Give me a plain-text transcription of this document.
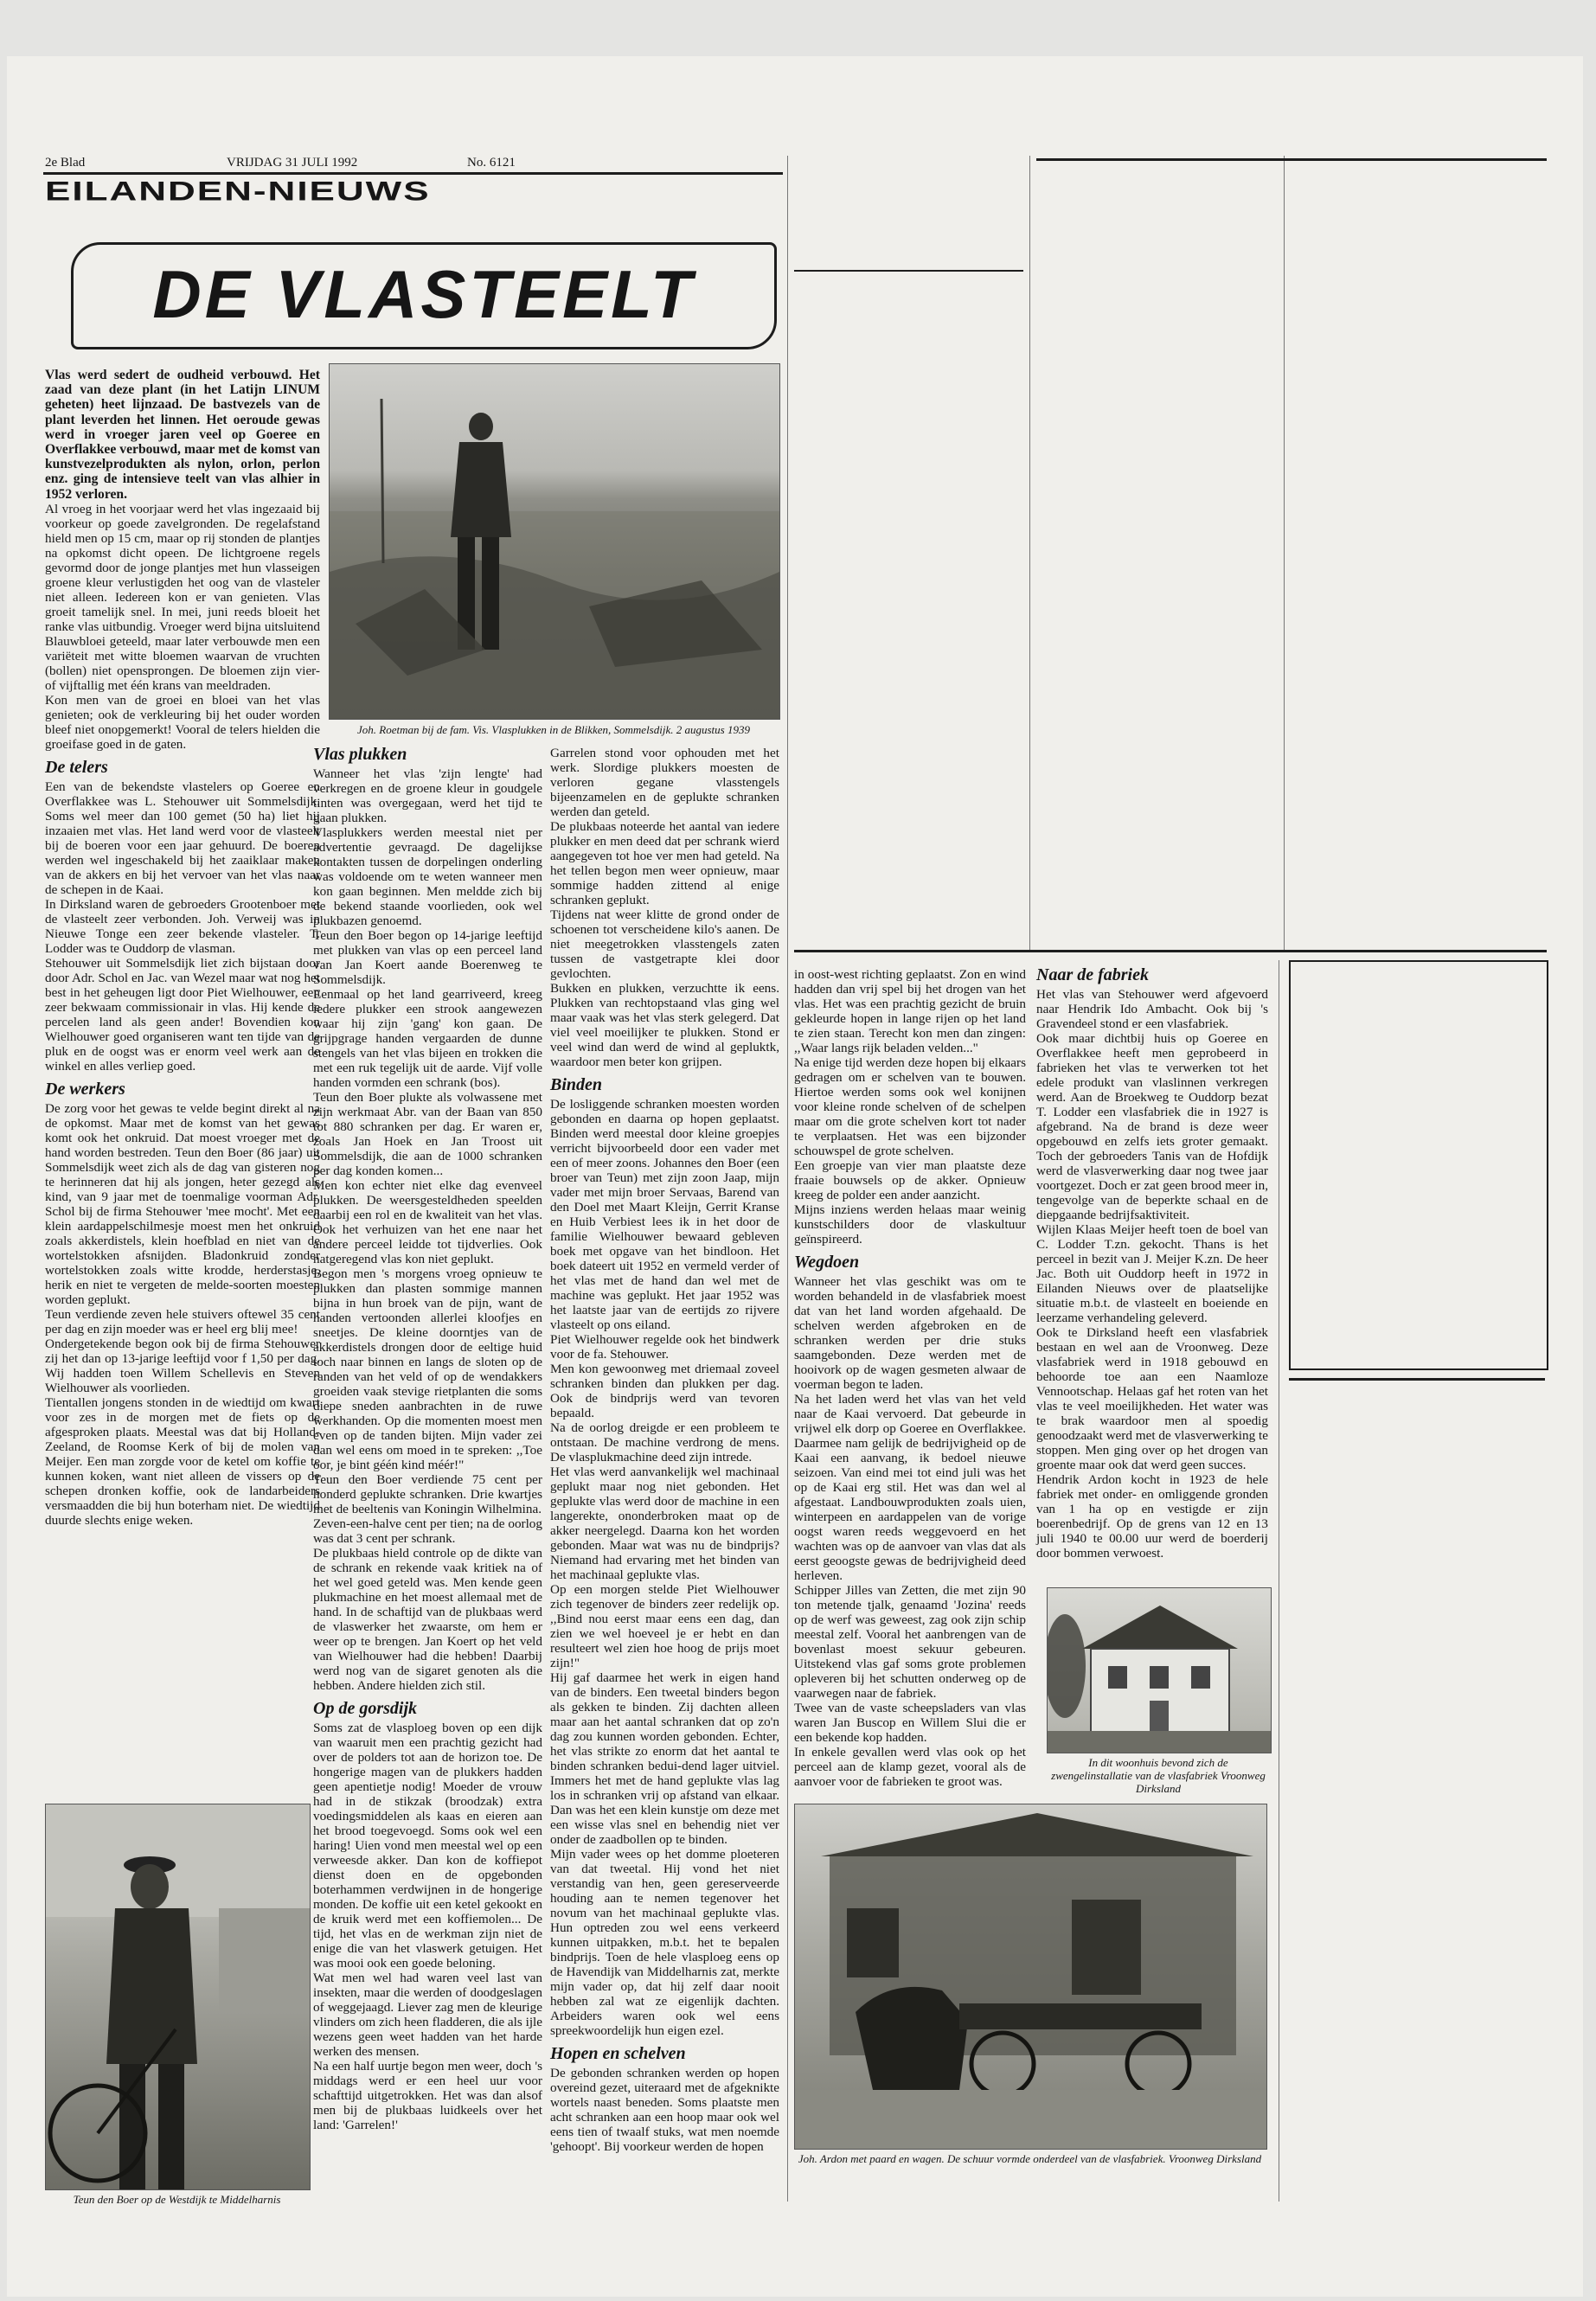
2e Blad	VRIJDAG 31 JULI 1992	No. 6121
EILANDEN-NIEUWS
DE VLASTEELT

Vlas werd sedert de oudheid verbouwd. Het zaad van deze plant (in het Latijn LINUM geheten) heet lijnzaad. De bastvezels van de plant leverden het linnen. Het oeroude gewas werd in vroeger jaren veel op Goeree en Overflakkee verbouwd, maar met de komst van kunstvezelprodukten als nylon, orlon, perlon enz. ging de intensieve teelt van vlas alhier in 1952 verloren.

Al vroeg in het voorjaar werd het vlas ingezaaid bij voorkeur op goede zavelgronden. De regelafstand hield men op 15 cm, maar op rij stonden de plantjes na opkomst dicht opeen. De lichtgroene regels gevormd door de jonge plantjes met hun vlasseigen groene kleur verlustigden het oog van de vlasteler niet alleen. Iedereen kon er van genieten. Vlas groeit tamelijk snel. In mei, juni reeds bloeit het ranke vlas uitbundig. Vroeger werd bijna uitsluitend Blauwbloei geteeld, maar later verbouwde men een variëteit met witte bloemen waarvan de vruchten (bollen) niet opensprongen. De bloemen zijn vier- of vijftallig met één krans van meeldraden.

Kon men van de groei en bloei van het vlas genieten; ook de verkleuring bij het ouder worden bleef niet onopgemerkt! Vooral de telers hielden die groeifase goed in de gaten.

De telers

Een van de bekendste vlastelers op Goeree en Overflakkee was L. Stehouwer uit Sommelsdijk. Soms wel meer dan 100 gemet (50 ha) liet hij inzaaien met vlas. Het land werd voor de vlasteelt bij de boeren voor een jaar gehuurd. De boeren werden wel ingeschakeld bij het zaaiklaar maken van de akkers en bij het vervoer van het vlas naar de schepen in de Kaai.

In Dirksland waren de gebroeders Grootenboer met de vlasteelt zeer verbonden. Joh. Verweij was in Nieuwe Tonge een zeer bekende vlasteler. T. Lodder was te Ouddorp de vlasman.

Stehouwer uit Sommelsdijk liet zich bijstaan door door Adr. Schol en Jac. van Wezel maar wat nog het best in het geheugen ligt door Piet Wielhouwer, een zeer bekwaam commissionair in vlas. Hij kende de percelen land als geen ander! Bovendien kon Wielhouwer goed organiseren want ten tijde van de pluk en de oogst was er enorm veel werk aan de winkel en alles verliep goed.

De werkers

De zorg voor het gewas te velde begint direkt al na de opkomst. Maar met de komst van het gewas komt ook het onkruid. Dat moest vroeger met de hand worden bestreden. Teun den Boer (86 jaar) uit Sommelsdijk weet zich als de dag van gisteren nog te herinneren dat hij als jongen, heter gezegd als kind, van 9 jaar met de toenmalige voorman Adr. Schol bij de firma Stehouwer 'mee mocht'. Met een klein aardappelschilmesje moest men het onkruid zoals akkerdistels, klein hoefblad en niet van de wortelstokken afsnijden. Bladonkruid zonder wortelstokken zoals witte krodde, herderstasje, herik en niet te vergeten de melde-soorten moesten worden geplukt.

Teun verdiende zeven hele stuivers oftewel 35 cent per dag en zijn moeder was er heel erg blij mee!

Ondergetekende begon ook bij de firma Stehouwer zij het dan op 13-jarige leeftijd voor f 1,50 per dag. Wij hadden toen Willem Schellevis en Steven Wielhouwer als voorlieden.

Tientallen jongens stonden in de wiedtijd om kwart voor zes in de morgen met de fiets op de afgesproken plaats. Meestal was dat bij Holland-Zeeland, de Roomse Kerk of bij de molen van Meijer. Een man zorgde voor de ketel om koffie te kunnen koken, want niet alleen de vissers op de schepen dronken koffie, ook de landarbeiders versmaadden die bij hun boterham niet. De wiedtijd duurde slechts enige weken.

Joh. Roetman bij de fam. Vis. Vlasplukken in de Blikken, Sommelsdijk. 2 augustus 1939
Vlas plukken

Wanneer het vlas 'zijn lengte' had verkregen en de groene kleur in goudgele tinten was overgegaan, werd het tijd te gaan plukken.

Vlasplukkers werden meestal niet per advertentie gevraagd. De dagelijkse kontakten tussen de dorpelingen onderling was voldoende om te weten wanneer men kon gaan beginnen. Men meldde zich bij de bekend staande voorlieden, ook wel plukbazen genoemd.

Teun den Boer begon op 14-jarige leeftijd met plukken van vlas op een perceel land van Jan Koert aande Boerenweg te Sommelsdijk.

Eenmaal op het land gearriveerd, kreeg iedere plukker een strook aangewezen waar hij zijn 'gang' kon gaan. De grijpgrage handen vergaarden de dunne stengels van het vlas bijeen en trokken die met een ruk tegelijk uit de aarde. Vijf volle handen vormden een schrank (bos).

Teun den Boer plukte als volwassene met zijn werkmaat Abr. van der Baan van 850 tot 880 schranken per dag. Er waren er, zoals Jan Hoek en Jan Troost uit Sommelsdijk, die aan de 1000 schranken per dag konden komen...

Men kon echter niet elke dag evenveel plukken. De weersgesteldheden speelden daarbij een rol en de kwaliteit van het vlas. Ook het verhuizen van het ene naar het andere perceel leidde tot tijdverlies. Ook natgeregend vlas kon niet geplukt.

Begon men 's morgens vroeg opnieuw te plukken dan plasten sommige mannen bijna in hun broek van de pijn, want de handen vertoonden allerlei kloofjes en sneetjes. De kleine doorntjes van de akkerdistels drongen door de eeltige huid toch naar binnen en langs de sloten op de randen van het veld of op de wendakkers groeiden vaak stevige rietplanten die soms diepe sneden aanbrachten in de ruwe werkhanden. Op die momenten moest men even op de tanden bijten. Mijn vader zei dan wel eens om moed in te spreken: ,,Toe oor, je bint géén kind méér!"

Teun den Boer verdiende 75 cent per honderd geplukte schranken. Drie kwartjes met de beeltenis van Koningin Wilhelmina.

Zeven-een-halve cent per tien; na de oorlog was dat 3 cent per schrank.

De plukbaas hield controle op de dikte van de schrank en rekende vaak kritiek na of het wel goed geteld was. Men kende geen plukmachine en het moest allemaal met de hand. In de schaftijd van de plukbaas werd de vlaswerker het zwaarste, om hem er weer op te brengen. Jan Koert op het veld van Wielhouwer had die hebben! Daarbij werd nog van de sigaret genoten als die hebben. Andere hielden zich stil.

Op de gorsdijk

Soms zat de vlasploeg boven op een dijk van waaruit men een prachtig gezicht had over de polders tot aan de horizon toe. De hongerige magen van de plukkers hadden geen apentietje nodig! Moeder de vrouw had in de stikzak (broodzak) extra voedingsmiddelen als kaas en eieren aan het brood toegevoegd. Soms ook wel een haring! Uien vond men meestal wel op een verweesde akker. Dan kon de koffiepot dienst doen en de opgebonden boterhammen verdwijnen in de hongerige monden. De koffie uit een ketel gekookt en de kruik werd met een koffiemolen... De tijd, het vlas en de werkman zijn niet de enige die van het vlaswerk getuigen. Het was mooi ook een goede beloning.

Wat men wel had waren veel last van insekten, maar die werden of doodgeslagen of weggejaagd. Liever zag men de kleurige vlinders om zich heen fladderen, die als ijle wezens geen weet hadden van het harde werken des mensen.

Na een half uurtje begon men weer, doch 's middags werd er een heel uur voor schafttijd uitgetrokken. Het was dan alsof men bij de plukbaas luidkeels over het land: 'Garrelen!'

Garrelen stond voor ophouden met het werk. Slordige plukkers moesten de verloren gegane vlasstengels bijeenzamelen en de geplukte schranken werden dan geteld.

De plukbaas noteerde het aantal van iedere plukker en men deed dat per schrank wierd aangegeven tot hoe ver men had geteld. Na het tellen begon men weer opnieuw, maar sommige hadden zittend al enige schranken geplukt.

Tijdens nat weer klitte de grond onder de schoenen tot verscheidene kilo's aanen. De niet meegetrokken vlasstengels zaten tussen de vastgetrapte klei door gevlochten.

Bukken en plukken, verzuchtte ik eens. Plukken van rechtopstaand vlas ging wel maar vaak was het vlas sterk gelegerd. Dat viel veel moeilijker te plukken. Stond er veel wind dan werd de wind al gepluktk, waardoor men beter kon grijpen.

Binden

De losliggende schranken moesten worden gebonden en daarna op hopen geplaatst. Binden werd meestal door kleine groepjes verricht bijvoorbeeld door een vader met een of meer zoons. Johannes den Boer (een broer van Teun) met zijn zoon Jaap, mijn vader met mijn broer Servaas, Barend van den Doel met Maart Kleijn, Gerrit Kranse en Huib Verbiest lees ik in het door de familie Wielhouwer bewaard gebleven boek met opgave van het bindloon. Het boek dateert uit 1952 en vermeld verder of het vlas met de hand dan wel met de machine was geplukt. Het jaar 1952 was het laatste jaar van de eertijds zo rijvere vlasteelt op ons eiland.

Piet Wielhouwer regelde ook het bindwerk voor de fa. Stehouwer.

Men kon gewoonweg met driemaal zoveel schranken binden dan plukken per dag. Ook de bindprijs werd van tevoren bepaald.

Na de oorlog dreigde er een probleem te ontstaan. De machine verdrong de mens. De vlasplukmachine deed zijn intrede.

Het vlas werd aanvankelijk wel machinaal geplukt maar nog niet gebonden. Het geplukte vlas werd door de machine in een langerekte, ononderbroken maat op de akker neergelegd. Daarna kon het worden gebonden. Maar wat was nu de bindprijs? Niemand had ervaring met het binden van het machinaal geplukte vlas.

Op een morgen stelde Piet Wielhouwer zich tegenover de binders zeer redelijk op. ,,Bind nou eerst maar eens een dag, dan zien we wel hoeveel je er hebt en dan resulteert wel zien hoe hoog de prijs moet zijn!"

Hij gaf daarmee het werk in eigen hand van de binders. Een tweetal binders begon als gekken te binden. Zij dachten alleen maar aan het aantal schranken dat op zo'n dag zou kunnen worden gebonden. Echter, het vlas strikte zo enorm dat het aantal te binden schranken bedui-dend lager uitviel. Immers het met de hand geplukte vlas lag los in schranken vrij op afstand van elkaar. Dan was het een klein kunstje om deze met een wisse vlas snel en behendig niet ver onder de zaadbollen op te binden.

Mijn vader wees op het domme ploeteren van dat tweetal. Hij vond het niet verstandig van hen, geen gereserveerde houding aan te nemen tegenover het novum van het machinaal geplukte vlas. Hun optreden zou wel eens verkeerd kunnen uitpakken, m.b.t. het te bepalen bindprijs. Toen de hele vlasploeg eens op de Havendijk van Middelharnis zat, merkte mijn vader op, dat hij zelf daar nooit hebben zal wat ze eigenlijk dachten. Arbeiders waren ook wel eens spreekwoordelijk hun eigen ezel.

Hopen en schelven

De gebonden schranken werden op hopen overeind gezet, uiteraard met de afgeknikte wortels naast beneden. Soms plaatste men acht schranken aan een hoop maar ook wel eens tien of twaalf stuks, wat men noemde 'gehoopt'. Bij voorkeur werden de hopen

Teun den Boer op de Westdijk te Middelharnis

in oost-west richting geplaatst. Zon en wind hadden dan vrij spel bij het drogen van het vlas. Het was een prachtig gezicht de bruin gekleurde hopen in lange rijen op het land te zien staan. Terecht kon men dan zingen: ,,Waar langs rijk beladen velden..."

Na enige tijd werden deze hopen bij elkaars gedragen om er schelven van te bouwen. Hiertoe werden soms ook wel konijnen voor kleine ronde schelven of de schelpen maar om die grote schelven kort tot nader te verplaatsen. Het was een bijzonder schouwspel de grote schelven.

Een groepje van vier man plaatste deze fraaie bouwsels op de akker. Opnieuw kreeg de polder een ander aanzicht.

Mijns inziens werden helaas maar weinig kunstschilders door de vlaskultuur geïnspireerd.

Wegdoen

Wanneer het vlas geschikt was om te worden behandeld in de vlasfabriek moest dat van het land worden afgehaald. De schelven werden afgebroken en de schranken werden per drie stuks saamgebonden. Deze werden met de hooivork op de wagen gesmeten alwaar de voerman begon te laden.

Na het laden werd het vlas van het veld naar de Kaai vervoerd. Dat gebeurde in vrijwel elk dorp op Goeree en Overflakkee. Daarmee nam gelijk de bedrijvigheid op de Kaai een aanvang, ik bedoel nieuwe seizoen. Van eind mei tot eind juli was het op de Kaai erg stil. Het was dan wel al afgestaat. Landbouwprodukten zoals uien, winterpeen en aardappelen van de vorige oogst waren reeds weggevoerd en het wachten was op de aanvoer van vlas dat als eerst geoogste gewas de bedrijvigheid deed herleven.

Schipper Jilles van Zetten, die met zijn 90 ton metende tjalk, genaamd 'Jozina' reeds op de werf was geweest, zag ook zijn schip meestal zelf. Vooral het aanbrengen van de bovenlast moest sekuur gebeuren. Uitstekend vlas gaf soms grote problemen opleveren bij het schutten onderweg op de vaarwegen naar de fabriek.

Twee van de vaste scheepsladers van vlas waren Jan Buscop en Willem Slui die er een bekende kop hadden.

In enkele gevallen werd vlas ook op het perceel aan de klamp gezet, vooral als de aanvoer voor de fabrieken te groot was.

Naar de fabriek

Het vlas van Stehouwer werd afgevoerd naar Hendrik Ido Ambacht. Ook bij 's Gravendeel stond er een vlasfabriek.

Ook maar dichtbij huis op Goeree en Overflakkee heeft men geprobeerd in fabrieken het vlas te verwerken tot het edele produkt van vlaslinnen verkregen werd. Aan de Broekweg te Ouddorp bezat T. Lodder een vlasfabriek die in 1927 is afgebrand. Na de brand is deze weer opgebouwd en zelfs iets groter gemaakt. Toch der gebroeders Tanis van de Hofdijk werd de vlasverwerking daar nog twee jaar voortgezet. Doch er zat geen brood meer in, tengevolge van de beperkte schaal en de diepgaande bedrijfsaktiviteit.

Wijlen Klaas Meijer heeft toen de boel van C. Lodder T.zn. gekocht. Thans is het perceel in bezit van J. Meijer K.zn. De heer Jac. Both uit Ouddorp heeft in 1972 in Eilanden Nieuws over de plaatselijke situatie m.b.t. de vlasteelt en boeiende en leerzame verhandeling geleverd.

Ook te Dirksland heeft een vlasfabriek bestaan en wel aan de Vroonweg. Deze vlasfabriek werd in 1918 gebouwd en behoorde toe aan een Naamloze Vennootschap. Helaas gaf het roten van het vlas te veel moeilijkheden. Het water was te brak waardoor men al spoedig genoodzaakt werd met de vlasverwerking te stoppen. Men ging over op het drogen van groente maar ook dat werd geen succes.

Hendrik Ardon kocht in 1923 de hele fabriek met onder- en omliggende gronden van 1 ha op en vestigde er zijn boerenbedrijf. Op de grens van 12 en 13 juli 1940 te 00.00 uur werd de boerderij door bommen verwoest.

In dit woonhuis bevond zich de zwengelinstallatie van de vlasfabriek Vroonweg Dirksland
Joh. Ardon met paard en wagen. De schuur vormde onderdeel van de vlasfabriek. Vroonweg Dirksland
